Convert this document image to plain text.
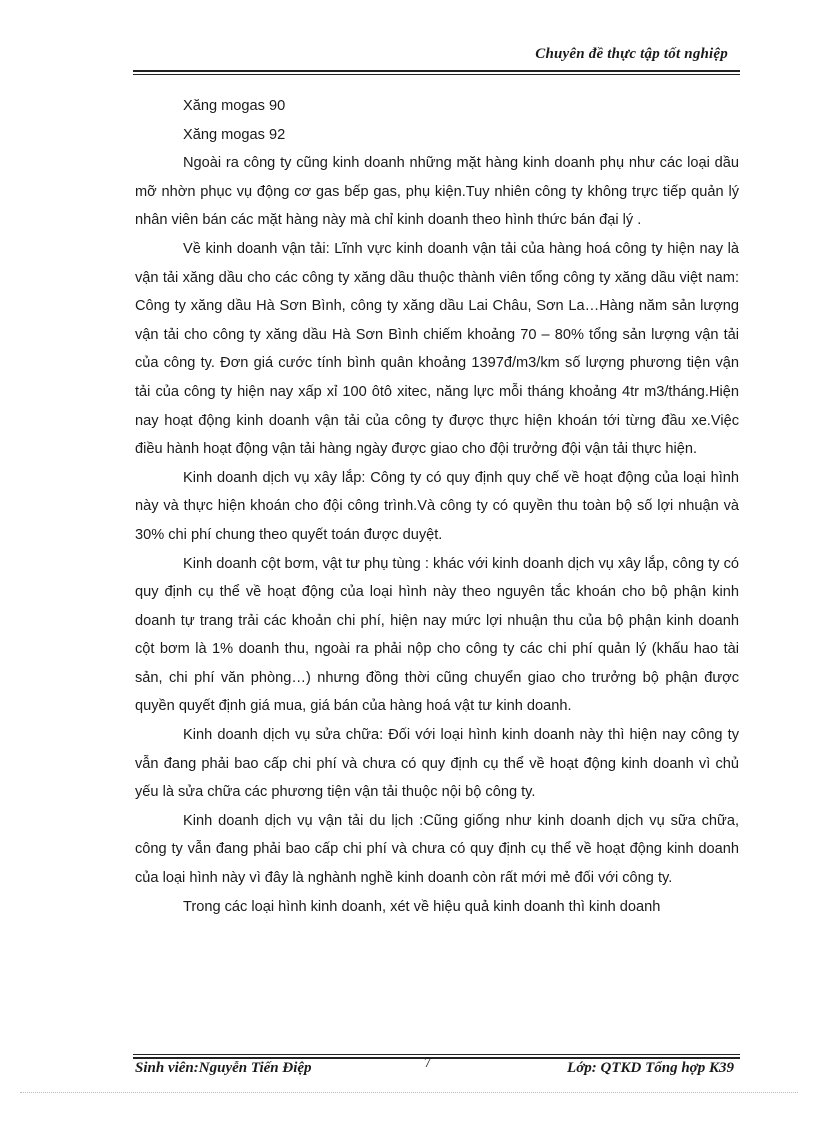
Chuyên đề thực tập tốt nghiệp

Xăng mogas 90

Xăng mogas 92

Ngoài ra công ty cũng kinh doanh những mặt hàng kinh doanh phụ như các loại dầu mỡ nhờn phục vụ động cơ gas bếp gas, phụ kiện.Tuy nhiên công ty không trực tiếp quản lý nhân viên bán các mặt hàng này mà chỉ kinh doanh theo hình thức bán đại lý .

Về kinh doanh vận tải: Lĩnh vực kinh doanh vận tải của hàng hoá công ty hiện nay là vận tải xăng dầu cho các công ty xăng dầu thuộc thành viên tổng công ty xăng dầu việt nam: Công ty xăng dầu Hà Sơn Bình, công ty xăng dầu Lai Châu, Sơn La…Hàng năm sản lượng vận tải cho công ty xăng dầu Hà Sơn Bình chiếm khoảng 70 – 80% tổng sản lượng vận tải của công ty. Đơn giá cước tính bình quân khoảng 1397đ/m3/km số lượng phương tiện vận tải của công ty hiện nay xấp xỉ 100 ôtô xitec, năng lực mỗi tháng khoảng 4tr m3/tháng.Hiện nay hoạt động kinh doanh vận tải của công ty được thực hiện khoán tới từng đầu xe.Việc điều hành hoạt động vận tải hàng ngày được giao cho đội trưởng đội vận tải thực hiện.

Kinh doanh dịch vụ xây lắp: Công ty có quy định quy chế về hoạt động của loại hình này và thực hiện khoán cho đội công trình.Và công ty có quyền thu toàn bộ số lợi nhuận và 30% chi phí chung theo quyết toán được duyệt.

Kinh doanh cột bơm, vật tư phụ tùng : khác với kinh doanh dịch vụ xây lắp, công ty có quy định cụ thể về hoạt động của loại hình này theo nguyên tắc khoán cho bộ phận kinh doanh tự trang trải các khoản chi phí, hiện nay mức lợi nhuận thu của bộ phận kinh doanh cột bơm là 1% doanh thu, ngoài ra phải nộp cho công ty các chi phí quản lý (khấu hao tài sản, chi phí văn phòng…) nhưng đồng thời cũng chuyển giao cho trưởng bộ phận được quyền quyết định giá mua, giá bán của hàng hoá vật tư kinh doanh.

Kinh doanh dịch vụ sửa chữa: Đối với loại hình kinh doanh này thì hiện nay công ty vẫn đang phải bao cấp chi phí và chưa có quy định cụ thể về hoạt động kinh doanh vì chủ yếu là sửa chữa các phương tiện vận tải thuộc nội bộ công ty.

Kinh doanh dịch vụ vận tải du lịch :Cũng giống như kinh doanh dịch vụ sữa chữa, công ty vẫn đang phải bao cấp chi phí và chưa có quy định cụ thể về hoạt động kinh doanh của loại hình này vì đây là nghành nghề kinh doanh còn rất mới mẻ đối với công ty.

Trong các loại hình kinh doanh, xét về hiệu quả kinh doanh thì kinh doanh

Sinh viên:Nguyễn Tiến Điệp	7	Lớp: QTKD Tổng hợp K39
